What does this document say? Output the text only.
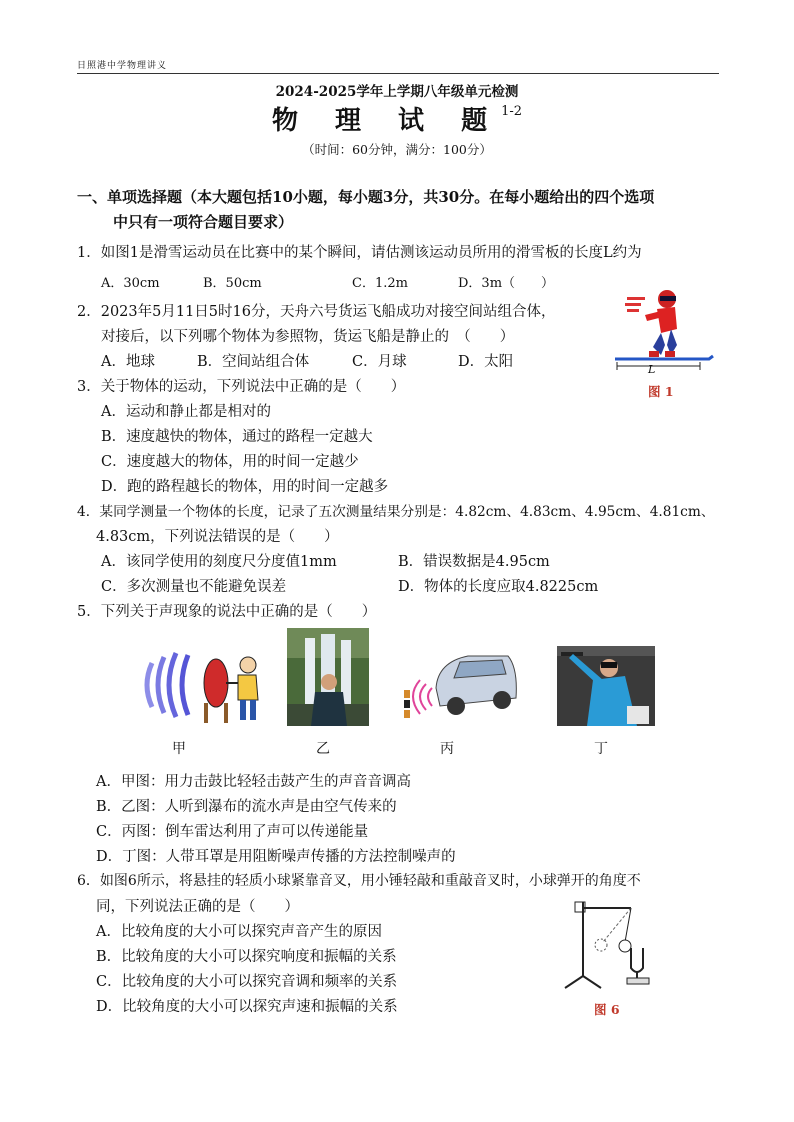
日照港中学物理讲义
2024-2025学年上学期八年级单元检测
物 理 试 题$^{1-2}$
（时间：60分钟，满分：100分）
一、单项选择题（本大题包括10小题，每小题3分，共30分。在每小题给出的四个选项
中只有一项符合题目要求）
1．如图1是滑雪运动员在比赛中的某个瞬间，请估测该运动员所用的滑雪板的长度L约为
A．30cm	B．50cm	C．1.2m	D．3m（　　）
L
图 1
2．2023年5月11日5时16分，天舟六号货运飞船成功对接空间站组合体，
对接后，以下列哪个物体为参照物，货运飞船是静止的　（　　）
A．地球	B．空间站组合体	C．月球	D．太阳
3．关于物体的运动，下列说法中正确的是（　　）
A．运动和静止都是相对的
B．速度越快的物体，通过的路程一定越大
C．速度越大的物体，用的时间一定越少
D．跑的路程越长的物体，用的时间一定越多
4．某同学测量一个物体的长度，记录了五次测量结果分别是：4.82cm、4.83cm、4.95cm、4.81cm、
4.83cm，下列说法错误的是（　　）
A．该同学使用的刻度尺分度值1mm	B．错误数据是4.95cm
C．多次测量也不能避免误差	D．物体的长度应取4.8225cm
5．下列关于声现象的说法中正确的是（　　）
甲	乙	丙	丁
A．甲图：用力击鼓比轻轻击鼓产生的声音音调高
B．乙图：人听到瀑布的流水声是由空气传来的
C．丙图：倒车雷达利用了声可以传递能量
D．丁图：人带耳罩是用阻断噪声传播的方法控制噪声的
6．如图6所示，将悬挂的轻质小球紧靠音叉，用小锤轻敲和重敲音叉时，小球弹开的角度不
同，下列说法正确的是（　　）
A．比较角度的大小可以探究声音产生的原因
B．比较角度的大小可以探究响度和振幅的关系
C．比较角度的大小可以探究音调和频率的关系
D．比较角度的大小可以探究声速和振幅的关系	图 6
